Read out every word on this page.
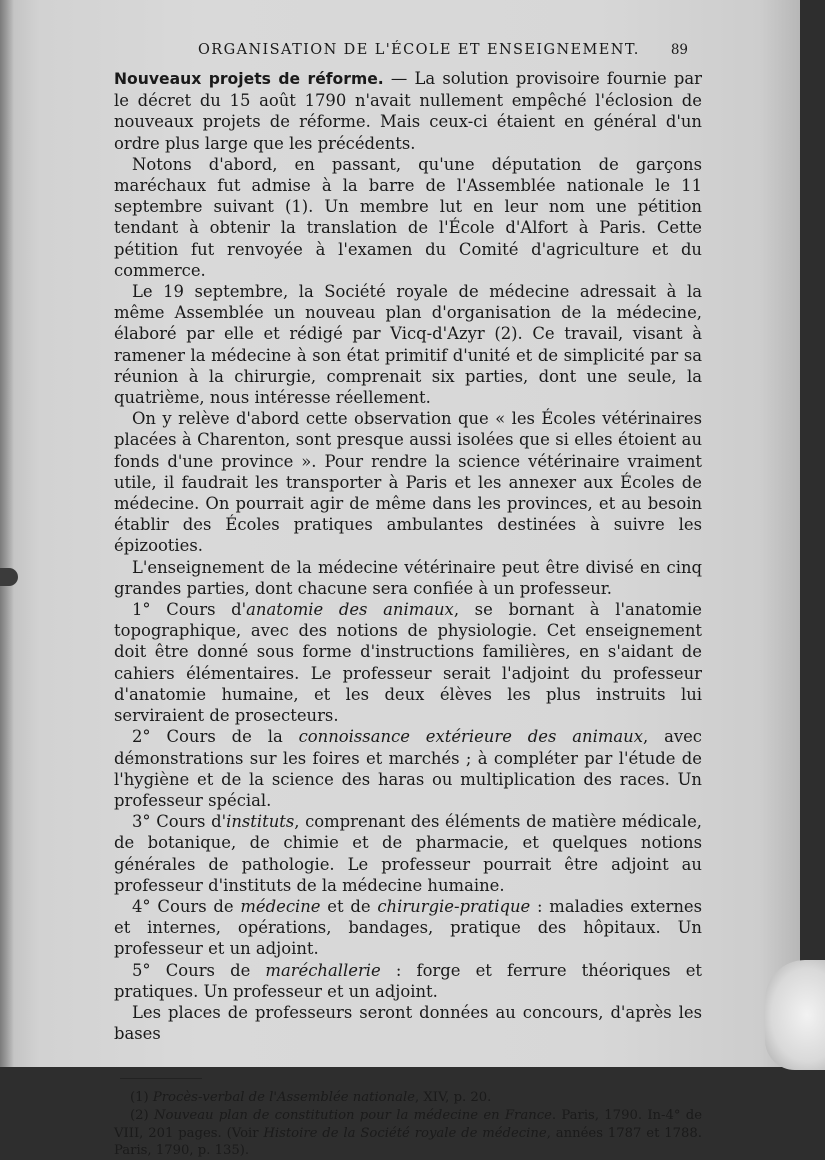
ORGANISATION DE L'ÉCOLE ET ENSEIGNEMENT. 89

Nouveaux projets de réforme. — La solution provisoire fournie par le décret du 15 août 1790 n'avait nullement empêché l'éclosion de nouveaux projets de réforme. Mais ceux-ci étaient en général d'un ordre plus large que les précédents.

Notons d'abord, en passant, qu'une députation de garçons maréchaux fut admise à la barre de l'Assemblée nationale le 11 septembre suivant (1). Un membre lut en leur nom une pétition tendant à obtenir la translation de l'École d'Alfort à Paris. Cette pétition fut renvoyée à l'examen du Comité d'agriculture et du commerce.

Le 19 septembre, la Société royale de médecine adressait à la même Assemblée un nouveau plan d'organisation de la médecine, élaboré par elle et rédigé par Vicq-d'Azyr (2). Ce travail, visant à ramener la médecine à son état primitif d'unité et de simplicité par sa réunion à la chirurgie, comprenait six parties, dont une seule, la quatrième, nous intéresse réellement.

On y relève d'abord cette observation que « les Écoles vétérinaires placées à Charenton, sont presque aussi isolées que si elles étoient au fonds d'une province ». Pour rendre la science vétérinaire vraiment utile, il faudrait les transporter à Paris et les annexer aux Écoles de médecine. On pourrait agir de même dans les provinces, et au besoin établir des Écoles pratiques ambulantes destinées à suivre les épizooties.

L'enseignement de la médecine vétérinaire peut être divisé en cinq grandes parties, dont chacune sera confiée à un professeur.

1° Cours d'anatomie des animaux, se bornant à l'anatomie topographique, avec des notions de physiologie. Cet enseignement doit être donné sous forme d'instructions familières, en s'aidant de cahiers élémentaires. Le professeur serait l'adjoint du professeur d'anatomie humaine, et les deux élèves les plus instruits lui serviraient de prosecteurs.

2° Cours de la connoissance extérieure des animaux, avec démonstrations sur les foires et marchés ; à compléter par l'étude de l'hygiène et de la science des haras ou multiplication des races. Un professeur spécial.

3° Cours d'instituts, comprenant des éléments de matière médicale, de botanique, de chimie et de pharmacie, et quelques notions générales de pathologie. Le professeur pourrait être adjoint au professeur d'instituts de la médecine humaine.

4° Cours de médecine et de chirurgie-pratique : maladies externes et internes, opérations, bandages, pratique des hôpitaux. Un professeur et un adjoint.

5° Cours de maréchallerie : forge et ferrure théoriques et pratiques. Un professeur et un adjoint.

Les places de professeurs seront données au concours, d'après les bases

(1) Procès-verbal de l'Assemblée nationale, XIV, p. 20.

(2) Nouveau plan de constitution pour la médecine en France. Paris, 1790. In-4° de VIII, 201 pages. (Voir Histoire de la Société royale de médecine, années 1787 et 1788. Paris, 1790, p. 135).
